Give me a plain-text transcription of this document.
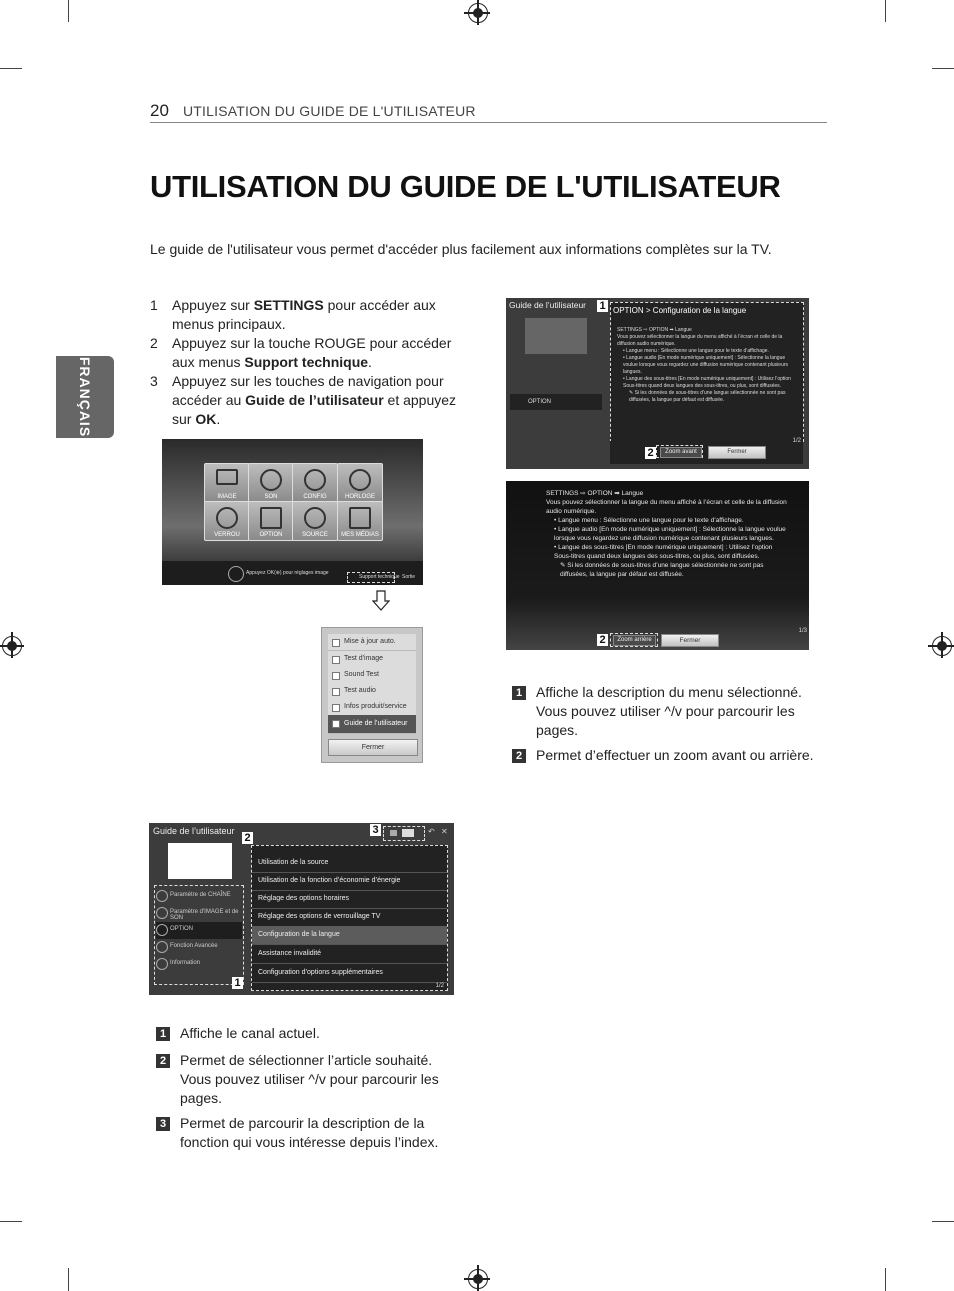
20 UTILISATION DU GUIDE DE L'UTILISATEUR
UTILISATION DU GUIDE DE L'UTILISATEUR
Le guide de l'utilisateur vous permet d'accéder plus facilement aux informations complètes sur la TV.
FRANÇAIS
1 Appuyez sur SETTINGS pour accéder aux menus principaux.
2 Appuyez sur la touche ROUGE pour accéder aux menus Support technique.
3 Appuyez sur les touches de navigation pour accéder au Guide de l’utilisateur et appuyez sur OK.
IMAGE	SON	CONFIG	HORLOGE
VERROU	OPTION	SOURCE	MES MÉDIAS
Appuyez OK(⊛) pour réglages image
Support technique Sortie
Mise à jour auto.
Test d'image
Sound Test
Test audio
Infos produit/service
Guide de l’utilisateur
Fermer
Guide de l’utilisateur
Paramètre de CHAÎNE
Paramètre d'IMAGE et de SON
OPTION
Fonction Avancée
Information
Utilisation de la source
Utilisation de la fonction d’économie d’énergie
Réglage des options horaires
Réglage des options de verrouillage TV
Configuration de la langue
Assistance invalidité
Configuration d’options supplémentaires
1/2
↶ ✕
2
3
1
1 Affiche le canal actuel.
2 Permet de sélectionner l’article souhaité. Vous pouvez utiliser ^/v pour parcourir les pages.
3 Permet de parcourir la description de la fonction qui vous intéresse depuis l’index.
Guide de l’utilisateur
OPTION
OPTION > Configuration de la langue
SETTINGS ⇨ OPTION ➡ Langue
Vous pouvez sélectionner la langue du menu affiché à l’écran et celle de la diffusion audio numérique.
• Langue menu : Sélectionne une langue pour le texte d’affichage.
• Langue audio [En mode numérique uniquement] : Sélectionne la langue voulue lorsque vous regardez une diffusion numérique contenant plusieurs langues.
• Langue des sous-titres [En mode numérique uniquement] : Utilisez l’option Sous-titres quand deux langues des sous-titres, ou plus, sont diffusées.
✎ Si les données de sous-titres d’une langue sélectionnée ne sont pas diffusées, la langue par défaut est diffusée.
Zoom avant	Fermer
1/2
1
2
SETTINGS ⇨ OPTION ➡ Langue
Vous pouvez sélectionner la langue du menu affiché à l’écran et celle de la diffusion audio numérique.
• Langue menu : Sélectionne une langue pour le texte d’affichage.
• Langue audio [En mode numérique uniquement] : Sélectionne la langue voulue lorsque vous regardez une diffusion numérique contenant plusieurs langues.
• Langue des sous-titres [En mode numérique uniquement] : Utilisez l’option Sous-titres quand deux langues des sous-titres, ou plus, sont diffusées.
✎ Si les données de sous-titres d’une langue sélectionnée ne sont pas diffusées, la langue par défaut est diffusée.
Zoom arrière	Fermer
1/3
2
1 Affiche la description du menu sélectionné. Vous pouvez utiliser ^/v pour parcourir les pages.
2 Permet d’effectuer un zoom avant ou arrière.
